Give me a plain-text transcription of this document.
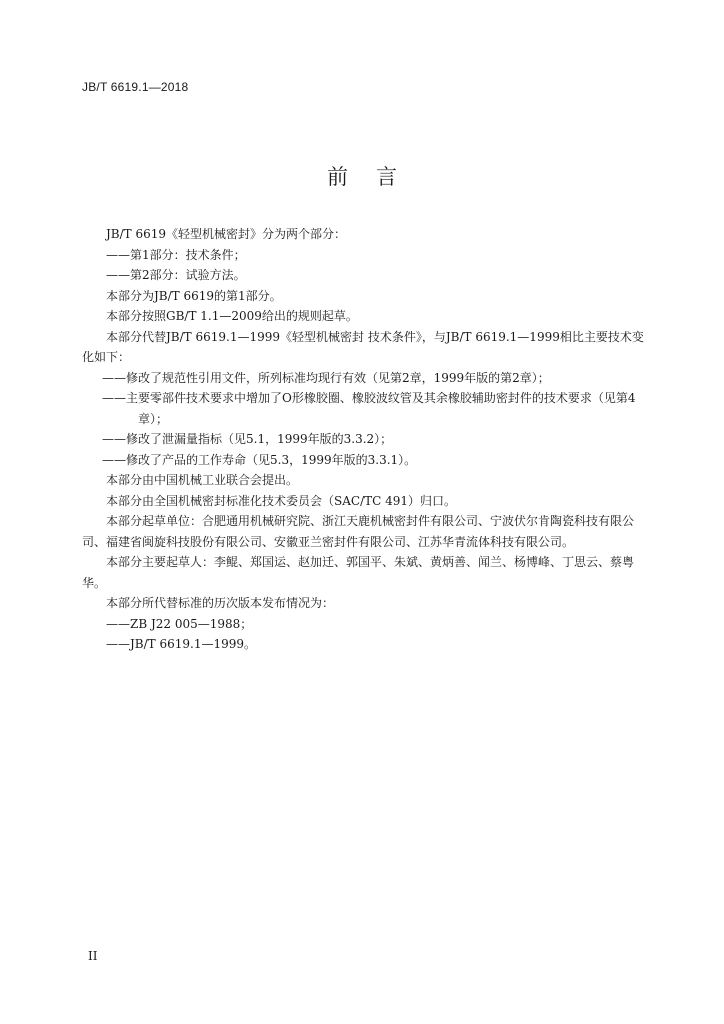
JB/T 6619.1—2018

前言

JB/T 6619《轻型机械密封》分为两个部分：

——第1部分：技术条件；

——第2部分：试验方法。

本部分为JB/T 6619的第1部分。

本部分按照GB/T 1.1—2009给出的规则起草。

本部分代替JB/T 6619.1—1999《轻型机械密封 技术条件》，与JB/T 6619.1—1999相比主要技术变化如下：

——修改了规范性引用文件，所列标准均现行有效（见第2章，1999年版的第2章）；

——主要零部件技术要求中增加了O形橡胶圈、橡胶波纹管及其余橡胶辅助密封件的技术要求（见第4章）；

——修改了泄漏量指标（见5.1，1999年版的3.3.2）；

——修改了产品的工作寿命（见5.3，1999年版的3.3.1）。

本部分由中国机械工业联合会提出。

本部分由全国机械密封标准化技术委员会（SAC/TC 491）归口。

本部分起草单位：合肥通用机械研究院、浙江天鹿机械密封件有限公司、宁波伏尔肯陶瓷科技有限公司、福建省闽旋科技股份有限公司、安徽亚兰密封件有限公司、江苏华青流体科技有限公司。

本部分主要起草人：李鲲、郑国运、赵加迁、郭国平、朱斌、黄炳善、闻兰、杨博峰、丁思云、蔡粤华。

本部分所代替标准的历次版本发布情况为：

——ZB J22 005—1988；

——JB/T 6619.1—1999。

II
